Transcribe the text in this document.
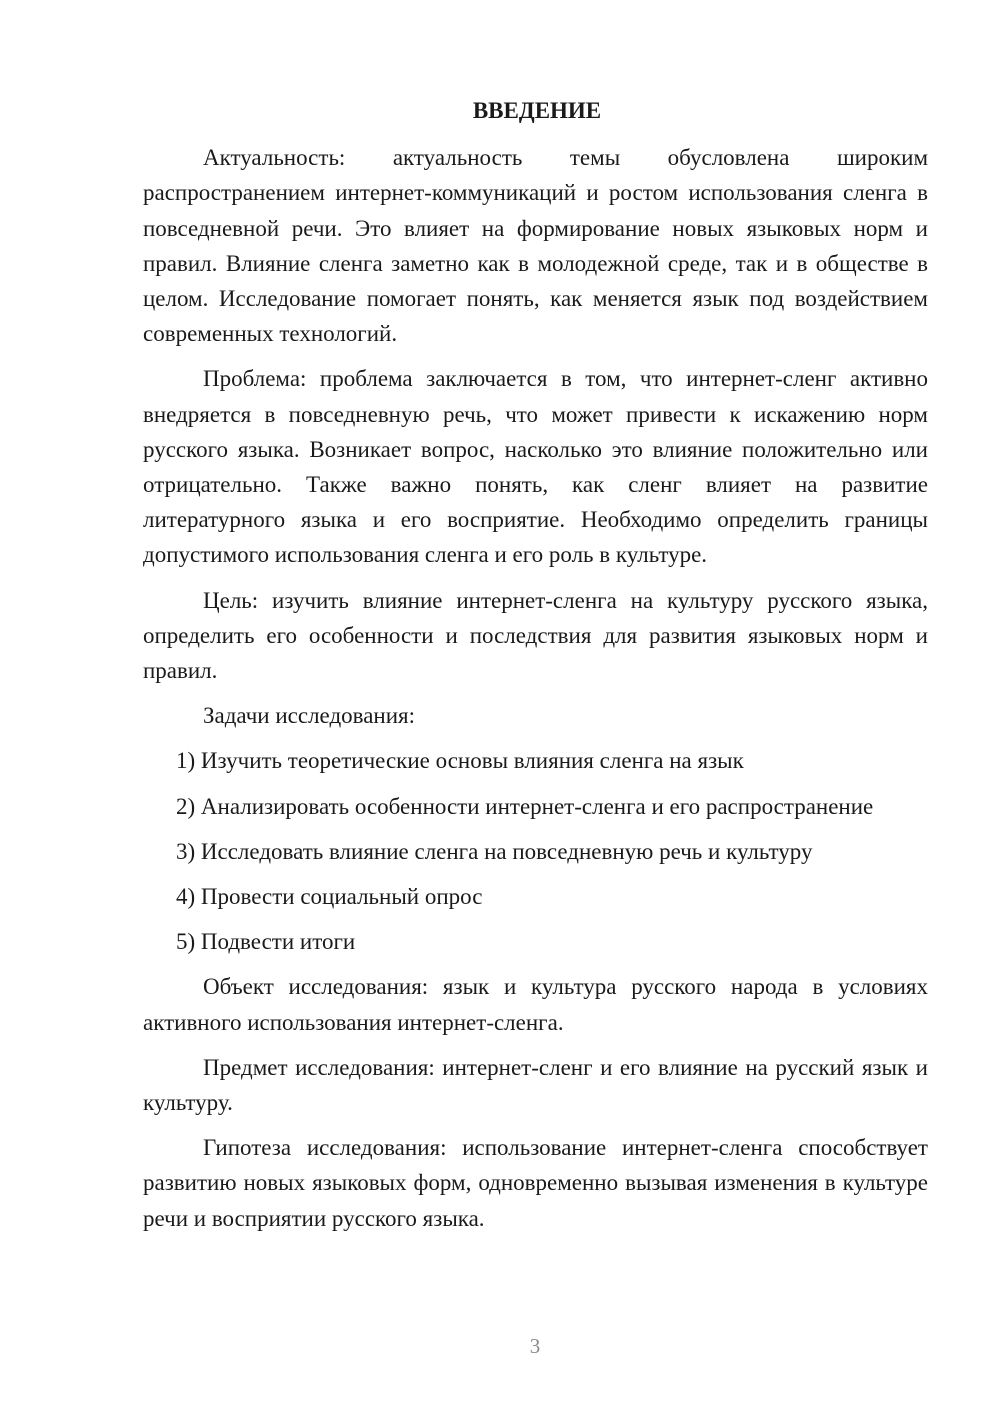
ВВЕДЕНИЕ

Актуальность: актуальность темы обусловлена широким распространением интернет-коммуникаций и ростом использования сленга в повседневной речи. Это влияет на формирование новых языковых норм и правил. Влияние сленга заметно как в молодежной среде, так и в обществе в целом. Исследование помогает понять, как меняется язык под воздействием современных технологий.

Проблема: проблема заключается в том, что интернет-сленг активно внедряется в повседневную речь, что может привести к искажению норм русского языка. Возникает вопрос, насколько это влияние положительно или отрицательно. Также важно понять, как сленг влияет на развитие литературного языка и его восприятие. Необходимо определить границы допустимого использования сленга и его роль в культуре.

Цель: изучить влияние интернет-сленга на культуру русского языка, определить его особенности и последствия для развития языковых норм и правил.

Задачи исследования:

1) Изучить теоретические основы влияния сленга на язык
2) Анализировать особенности интернет-сленга и его распространение
3) Исследовать влияние сленга на повседневную речь и культуру
4) Провести социальный опрос
5) Подвести итоги

Объект исследования: язык и культура русского народа в условиях активного использования интернет-сленга.

Предмет исследования: интернет-сленг и его влияние на русский язык и культуру.

Гипотеза исследования: использование интернет-сленга способствует развитию новых языковых форм, одновременно вызывая изменения в культуре речи и восприятии русского языка.

3
